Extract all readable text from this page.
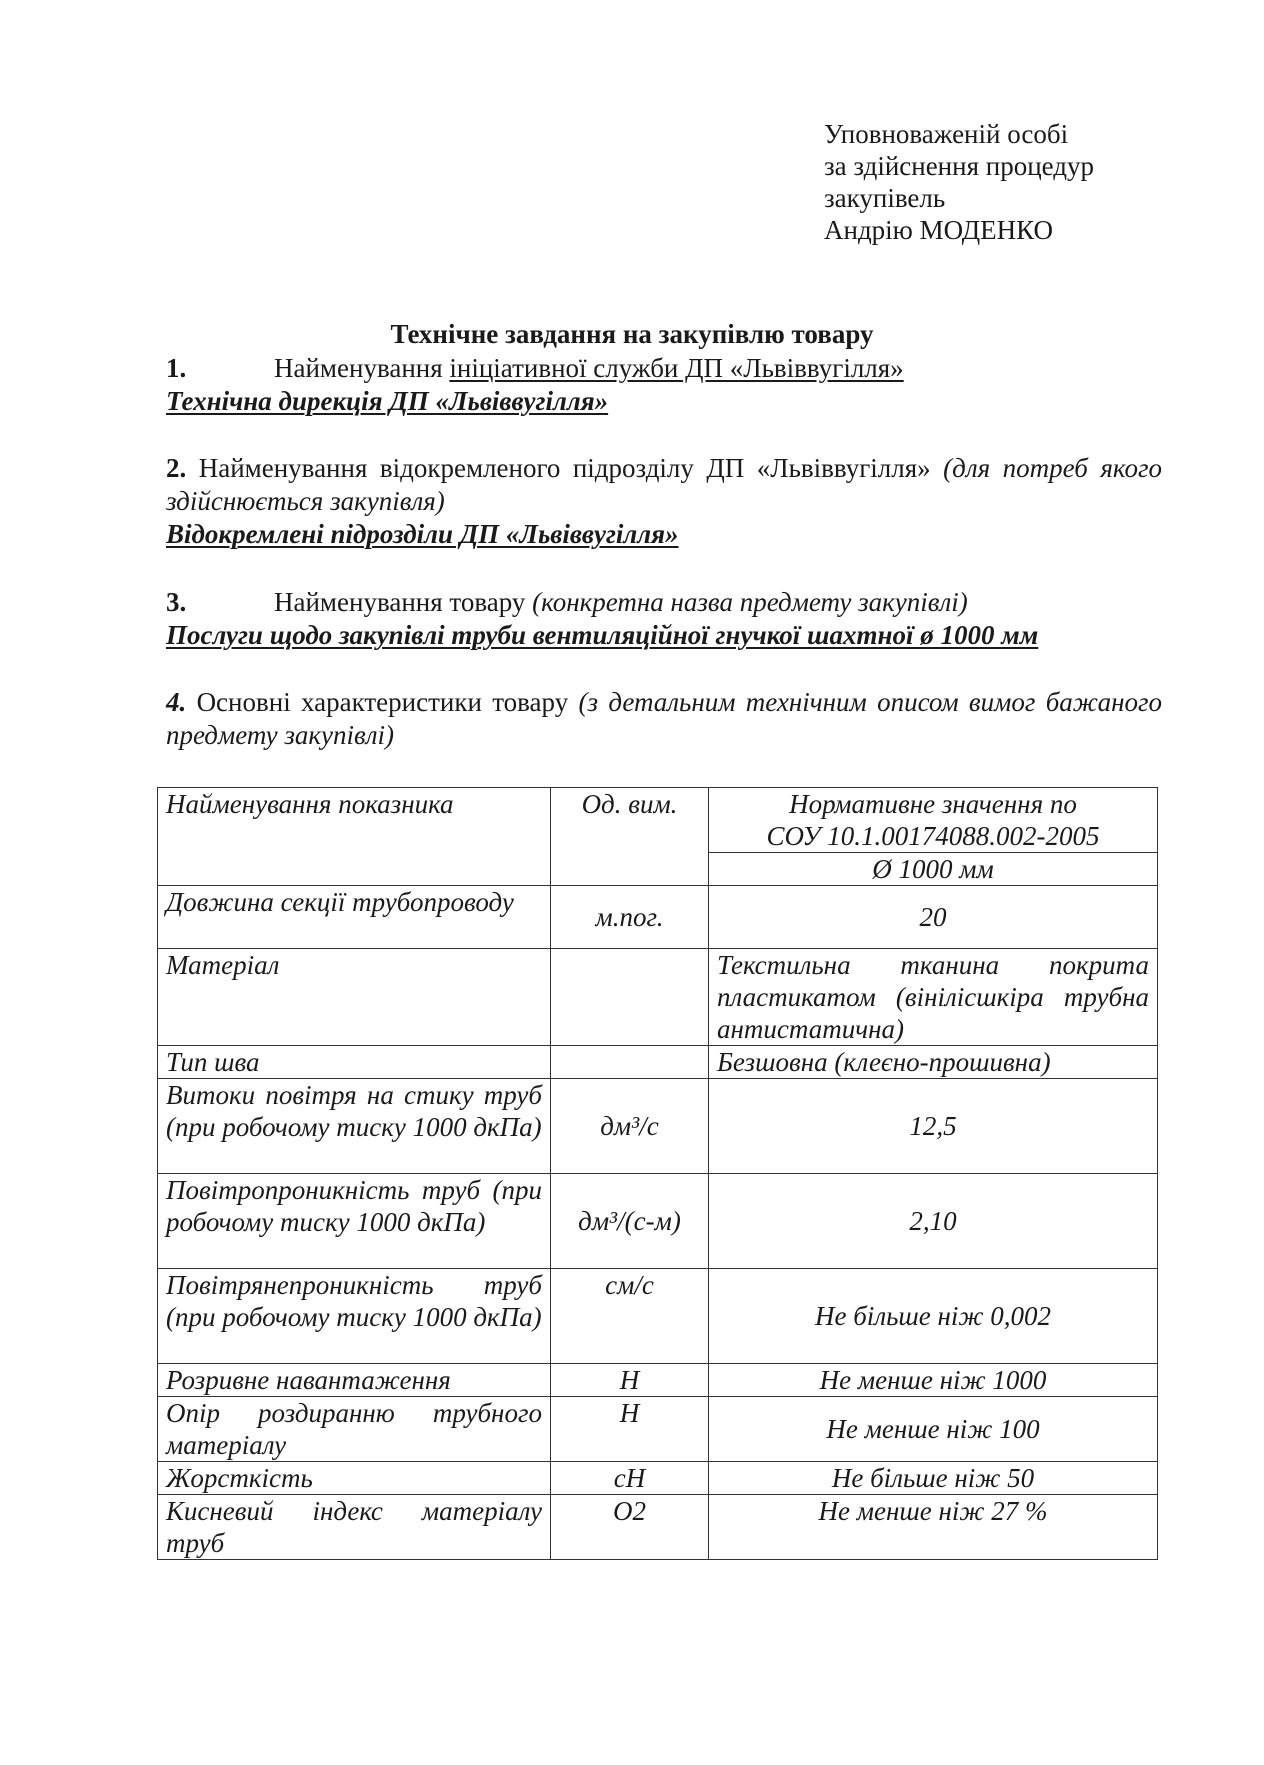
Уповноваженій особі
за здійснення процедур
закупівель
Андрію МОДЕНКО
Технічне завдання на закупівлю товару
1.	Найменування ініціативної служби ДП «Львіввугілля»
Технічна дирекція ДП «Львіввугілля»
2. Найменування відокремленого підрозділу ДП «Львіввугілля» (для потреб якого здійснюється закупівля)
Відокремлені підрозділи ДП «Львіввугілля»
3.	Найменування товару (конкретна назва предмету закупівлі)
Послуги щодо закупівлі труби вентиляційної гнучкої шахтної ø 1000 мм
4. Основні характеристики товару (з детальним технічним описом вимог бажаного предмету закупівлі)
Найменування показника	Од. вим.	Нормативне значення по
СОУ 10.1.00174088.002-2005

		Ø 1000 мм
Довжина секції трубопроводу	м.пог.	20
Матеріал		Текстильна тканина покрита пластикатом (вінілісшкіра трубна антистатична)
Тип шва		Безшовна (клеєно-прошивна)
Витоки повітря на стику труб (при робочому тиску 1000 дкПа)	дм³/с	12,5
Повітропроникність труб (при робочому тиску 1000 дкПа)	дм³/(с-м)	2,10
Повітрянепроникність труб (при робочому тиску 1000 дкПа)	см/с	Не більше ніж 0,002
Розривне навантаження	Н	Не менше ніж 1000
Опір роздиранню трубного матеріалу	Н	Не менше ніж 100
Жорсткість	сН	Не більше ніж 50
Кисневий індекс матеріалу труб	О2	Не менше ніж 27 %
